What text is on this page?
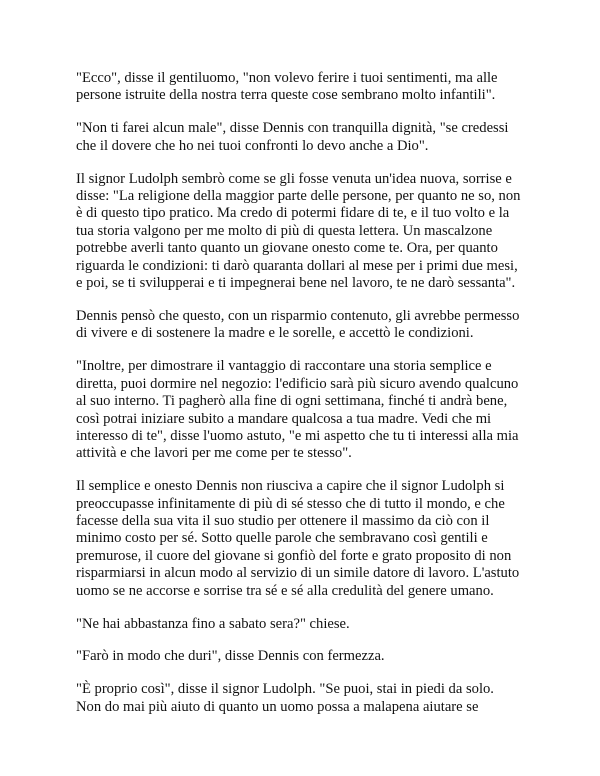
"Ecco", disse il gentiluomo, "non volevo ferire i tuoi sentimenti, ma alle
persone istruite della nostra terra queste cose sembrano molto infantili".

"Non ti farei alcun male", disse Dennis con tranquilla dignità, "se credessi
che il dovere che ho nei tuoi confronti lo devo anche a Dio".

Il signor Ludolph sembrò come se gli fosse venuta un'idea nuova, sorrise e
disse: "La religione della maggior parte delle persone, per quanto ne so, non
è di questo tipo pratico. Ma credo di potermi fidare di te, e il tuo volto e la
tua storia valgono per me molto di più di questa lettera. Un mascalzone
potrebbe averli tanto quanto un giovane onesto come te. Ora, per quanto
riguarda le condizioni: ti darò quaranta dollari al mese per i primi due mesi,
e poi, se ti svilupperai e ti impegnerai bene nel lavoro, te ne darò sessanta".

Dennis pensò che questo, con un risparmio contenuto, gli avrebbe permesso
di vivere e di sostenere la madre e le sorelle, e accettò le condizioni.

"Inoltre, per dimostrare il vantaggio di raccontare una storia semplice e
diretta, puoi dormire nel negozio: l'edificio sarà più sicuro avendo qualcuno
al suo interno. Ti pagherò alla fine di ogni settimana, finché ti andrà bene,
così potrai iniziare subito a mandare qualcosa a tua madre. Vedi che mi
interesso di te", disse l'uomo astuto, "e mi aspetto che tu ti interessi alla mia
attività e che lavori per me come per te stesso".

Il semplice e onesto Dennis non riusciva a capire che il signor Ludolph si
preoccupasse infinitamente di più di sé stesso che di tutto il mondo, e che
facesse della sua vita il suo studio per ottenere il massimo da ciò con il
minimo costo per sé. Sotto quelle parole che sembravano così gentili e
premurose, il cuore del giovane si gonfiò del forte e grato proposito di non
risparmiarsi in alcun modo al servizio di un simile datore di lavoro. L'astuto
uomo se ne accorse e sorrise tra sé e sé alla credulità del genere umano.

"Ne hai abbastanza fino a sabato sera?" chiese.

"Farò in modo che duri", disse Dennis con fermezza.

"È proprio così", disse il signor Ludolph. "Se puoi, stai in piedi da solo.
Non do mai più aiuto di quanto un uomo possa a malapena aiutare se
